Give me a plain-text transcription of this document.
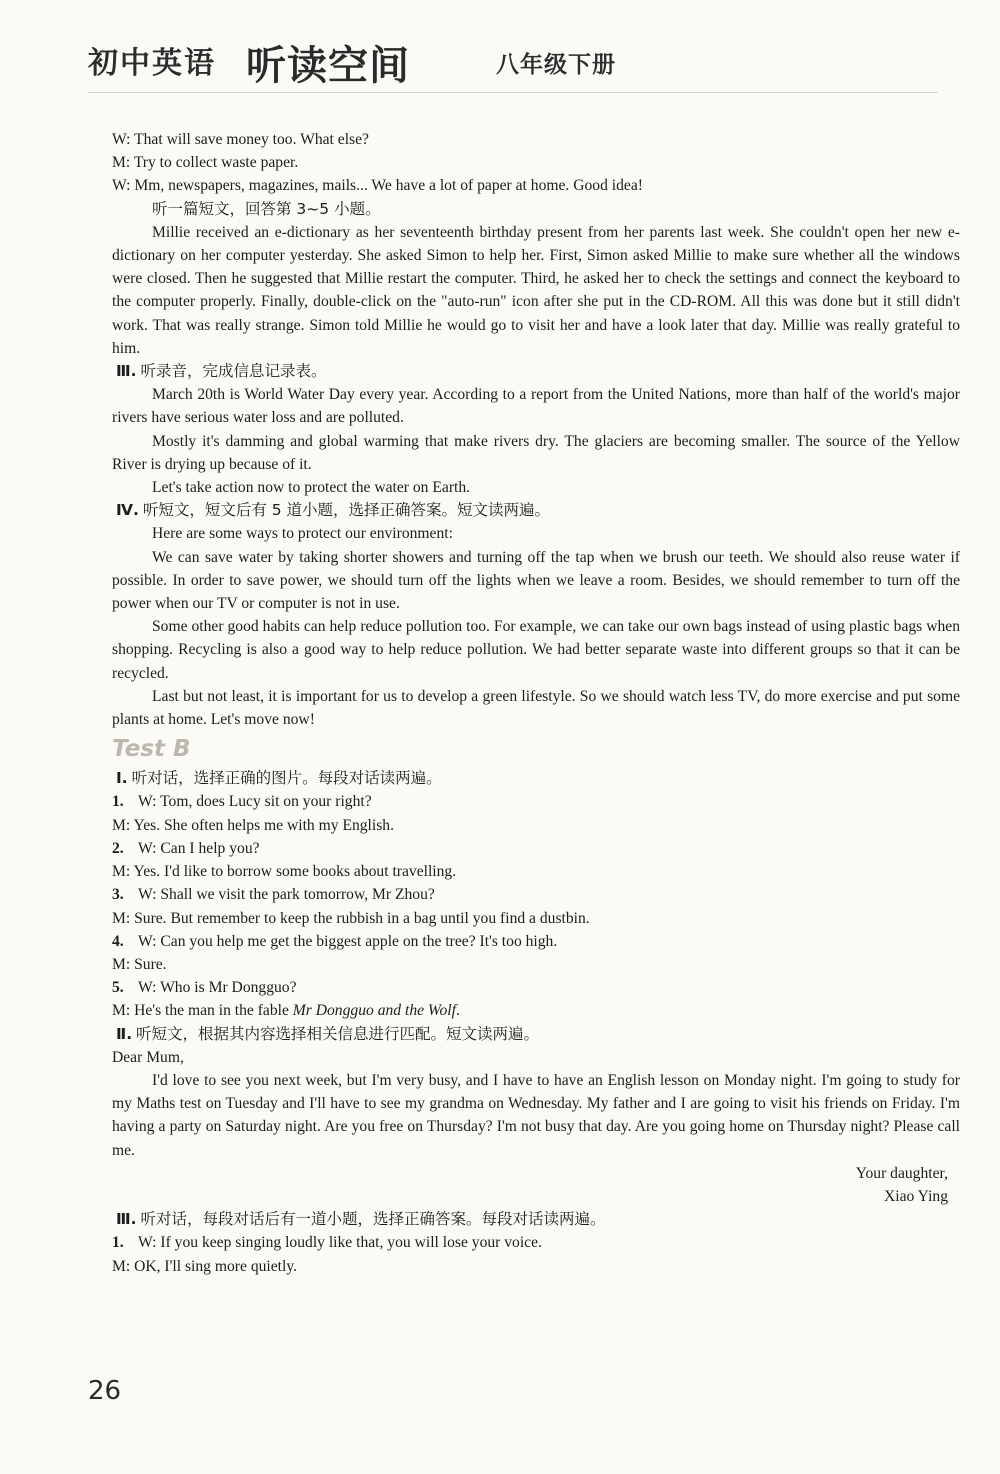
初中英语 听读空间	八年级下册

W: That will save money too. What else?

M: Try to collect waste paper.

W: Mm, newspapers, magazines, mails... We have a lot of paper at home. Good idea!

听一篇短文，回答第 3~5 小题。

Millie received an e-dictionary as her seventeenth birthday present from her parents last week. She couldn't open her new e-dictionary on her computer yesterday. She asked Simon to help her. First, Simon asked Millie to make sure whether all the windows were closed. Then he suggested that Millie restart the computer. Third, he asked her to check the settings and connect the keyboard to the computer properly. Finally, double-click on the "auto-run" icon after she put in the CD-ROM. All this was done but it still didn't work. That was really strange. Simon told Millie he would go to visit her and have a look later that day. Millie was really grateful to him.

Ⅲ. 听录音，完成信息记录表。

March 20th is World Water Day every year. According to a report from the United Nations, more than half of the world's major rivers have serious water loss and are polluted.

Mostly it's damming and global warming that make rivers dry. The glaciers are becoming smaller. The source of the Yellow River is drying up because of it.

Let's take action now to protect the water on Earth.

Ⅳ. 听短文，短文后有 5 道小题，选择正确答案。短文读两遍。

Here are some ways to protect our environment:

We can save water by taking shorter showers and turning off the tap when we brush our teeth. We should also reuse water if possible. In order to save power, we should turn off the lights when we leave a room. Besides, we should remember to turn off the power when our TV or computer is not in use.

Some other good habits can help reduce pollution too. For example, we can take our own bags instead of using plastic bags when shopping. Recycling is also a good way to help reduce pollution. We had better separate waste into different groups so that it can be recycled.

Last but not least, it is important for us to develop a green lifestyle. So we should watch less TV, do more exercise and put some plants at home. Let's move now!

Test B

Ⅰ. 听对话，选择正确的图片。每段对话读两遍。

1. W: Tom, does Lucy sit on your right?

M: Yes. She often helps me with my English.

2. W: Can I help you?

M: Yes. I'd like to borrow some books about travelling.

3. W: Shall we visit the park tomorrow, Mr Zhou?

M: Sure. But remember to keep the rubbish in a bag until you find a dustbin.

4. W: Can you help me get the biggest apple on the tree? It's too high.

M: Sure.

5. W: Who is Mr Dongguo?

M: He's the man in the fable Mr Dongguo and the Wolf.

Ⅱ. 听短文，根据其内容选择相关信息进行匹配。短文读两遍。

Dear Mum,

I'd love to see you next week, but I'm very busy, and I have to have an English lesson on Monday night. I'm going to study for my Maths test on Tuesday and I'll have to see my grandma on Wednesday. My father and I are going to visit his friends on Friday. I'm having a party on Saturday night. Are you free on Thursday? I'm not busy that day. Are you going home on Thursday night? Please call me.

Your daughter,

Xiao Ying

Ⅲ. 听对话，每段对话后有一道小题，选择正确答案。每段对话读两遍。

1. W: If you keep singing loudly like that, you will lose your voice.

M: OK, I'll sing more quietly.

26
